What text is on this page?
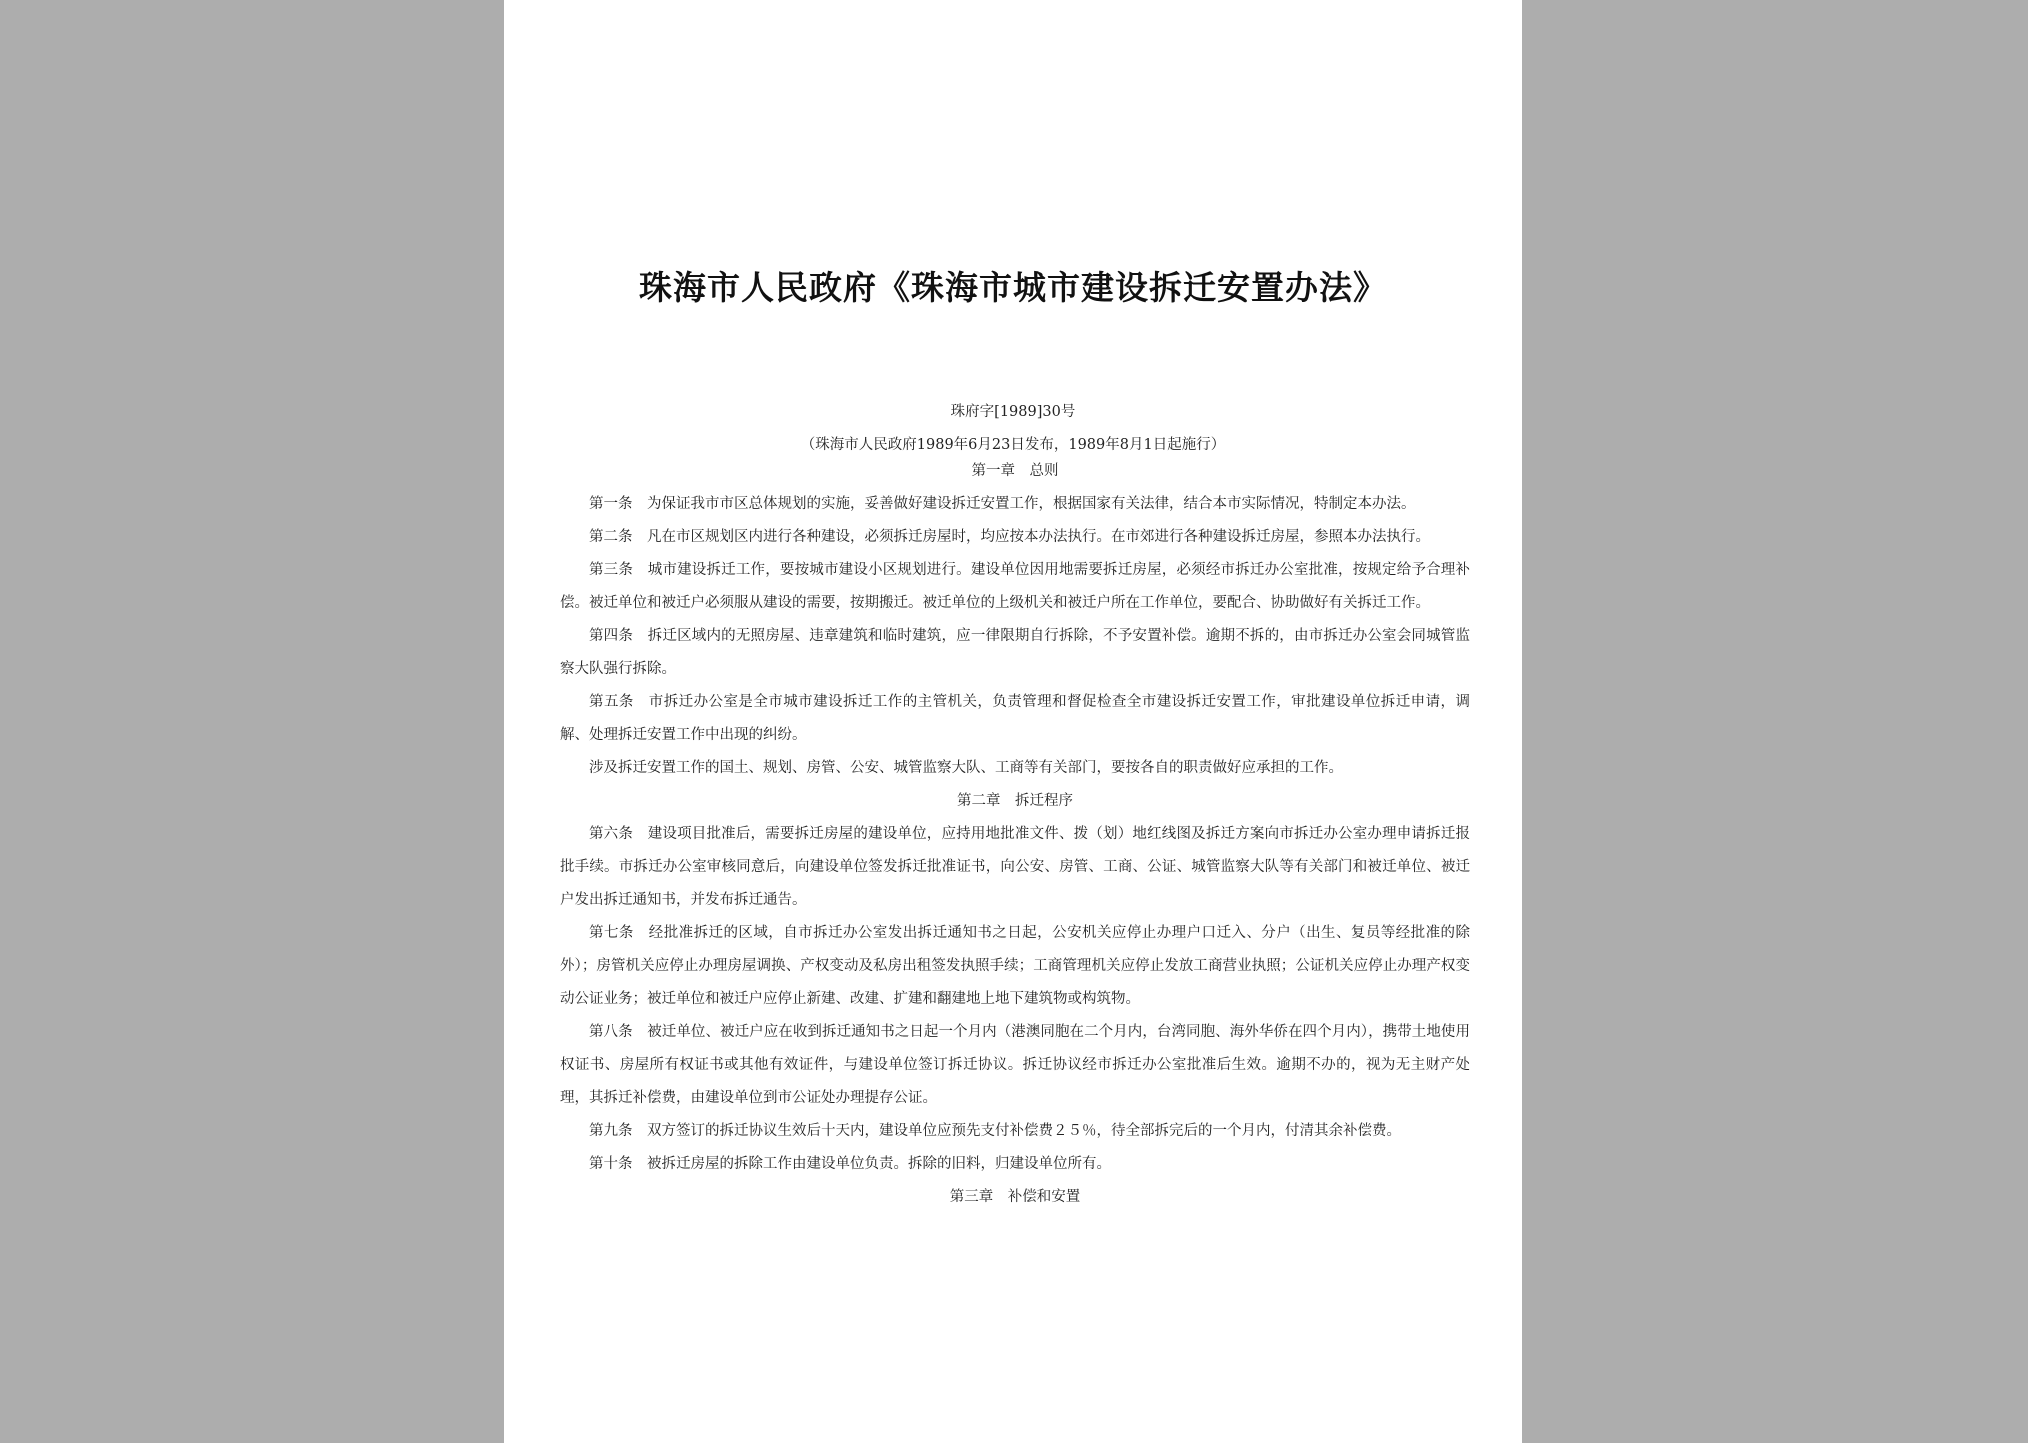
珠海市人民政府《珠海市城市建设拆迁安置办法》
珠府字[1989]30号
（珠海市人民政府1989年6月23日发布，1989年8月1日起施行）

第一章　总则

第一条　为保证我市市区总体规划的实施，妥善做好建设拆迁安置工作，根据国家有关法律，结合本市实际情况，特制定本办法。

第二条　凡在市区规划区内进行各种建设，必须拆迁房屋时，均应按本办法执行。在市郊进行各种建设拆迁房屋，参照本办法执行。

第三条　城市建设拆迁工作，要按城市建设小区规划进行。建设单位因用地需要拆迁房屋，必须经市拆迁办公室批准，按规定给予合理补偿。被迁单位和被迁户必须服从建设的需要，按期搬迁。被迁单位的上级机关和被迁户所在工作单位，要配合、协助做好有关拆迁工作。

第四条　拆迁区域内的无照房屋、违章建筑和临时建筑，应一律限期自行拆除，不予安置补偿。逾期不拆的，由市拆迁办公室会同城管监察大队强行拆除。

第五条　市拆迁办公室是全市城市建设拆迁工作的主管机关，负责管理和督促检查全市建设拆迁安置工作，审批建设单位拆迁申请，调解、处理拆迁安置工作中出现的纠纷。

涉及拆迁安置工作的国土、规划、房管、公安、城管监察大队、工商等有关部门，要按各自的职责做好应承担的工作。

第二章　拆迁程序

第六条　建设项目批准后，需要拆迁房屋的建设单位，应持用地批准文件、拨（划）地红线图及拆迁方案向市拆迁办公室办理申请拆迁报批手续。市拆迁办公室审核同意后，向建设单位签发拆迁批准证书，向公安、房管、工商、公证、城管监察大队等有关部门和被迁单位、被迁户发出拆迁通知书，并发布拆迁通告。

第七条　经批准拆迁的区域，自市拆迁办公室发出拆迁通知书之日起，公安机关应停止办理户口迁入、分户（出生、复员等经批准的除外）；房管机关应停止办理房屋调换、产权变动及私房出租签发执照手续；工商管理机关应停止发放工商营业执照；公证机关应停止办理产权变动公证业务；被迁单位和被迁户应停止新建、改建、扩建和翻建地上地下建筑物或构筑物。

第八条　被迁单位、被迁户应在收到拆迁通知书之日起一个月内（港澳同胞在二个月内，台湾同胞、海外华侨在四个月内），携带土地使用权证书、房屋所有权证书或其他有效证件，与建设单位签订拆迁协议。拆迁协议经市拆迁办公室批准后生效。逾期不办的，视为无主财产处理，其拆迁补偿费，由建设单位到市公证处办理提存公证。

第九条　双方签订的拆迁协议生效后十天内，建设单位应预先支付补偿费２５％，待全部拆完后的一个月内，付清其余补偿费。

第十条　被拆迁房屋的拆除工作由建设单位负责。拆除的旧料，归建设单位所有。

第三章　补偿和安置
